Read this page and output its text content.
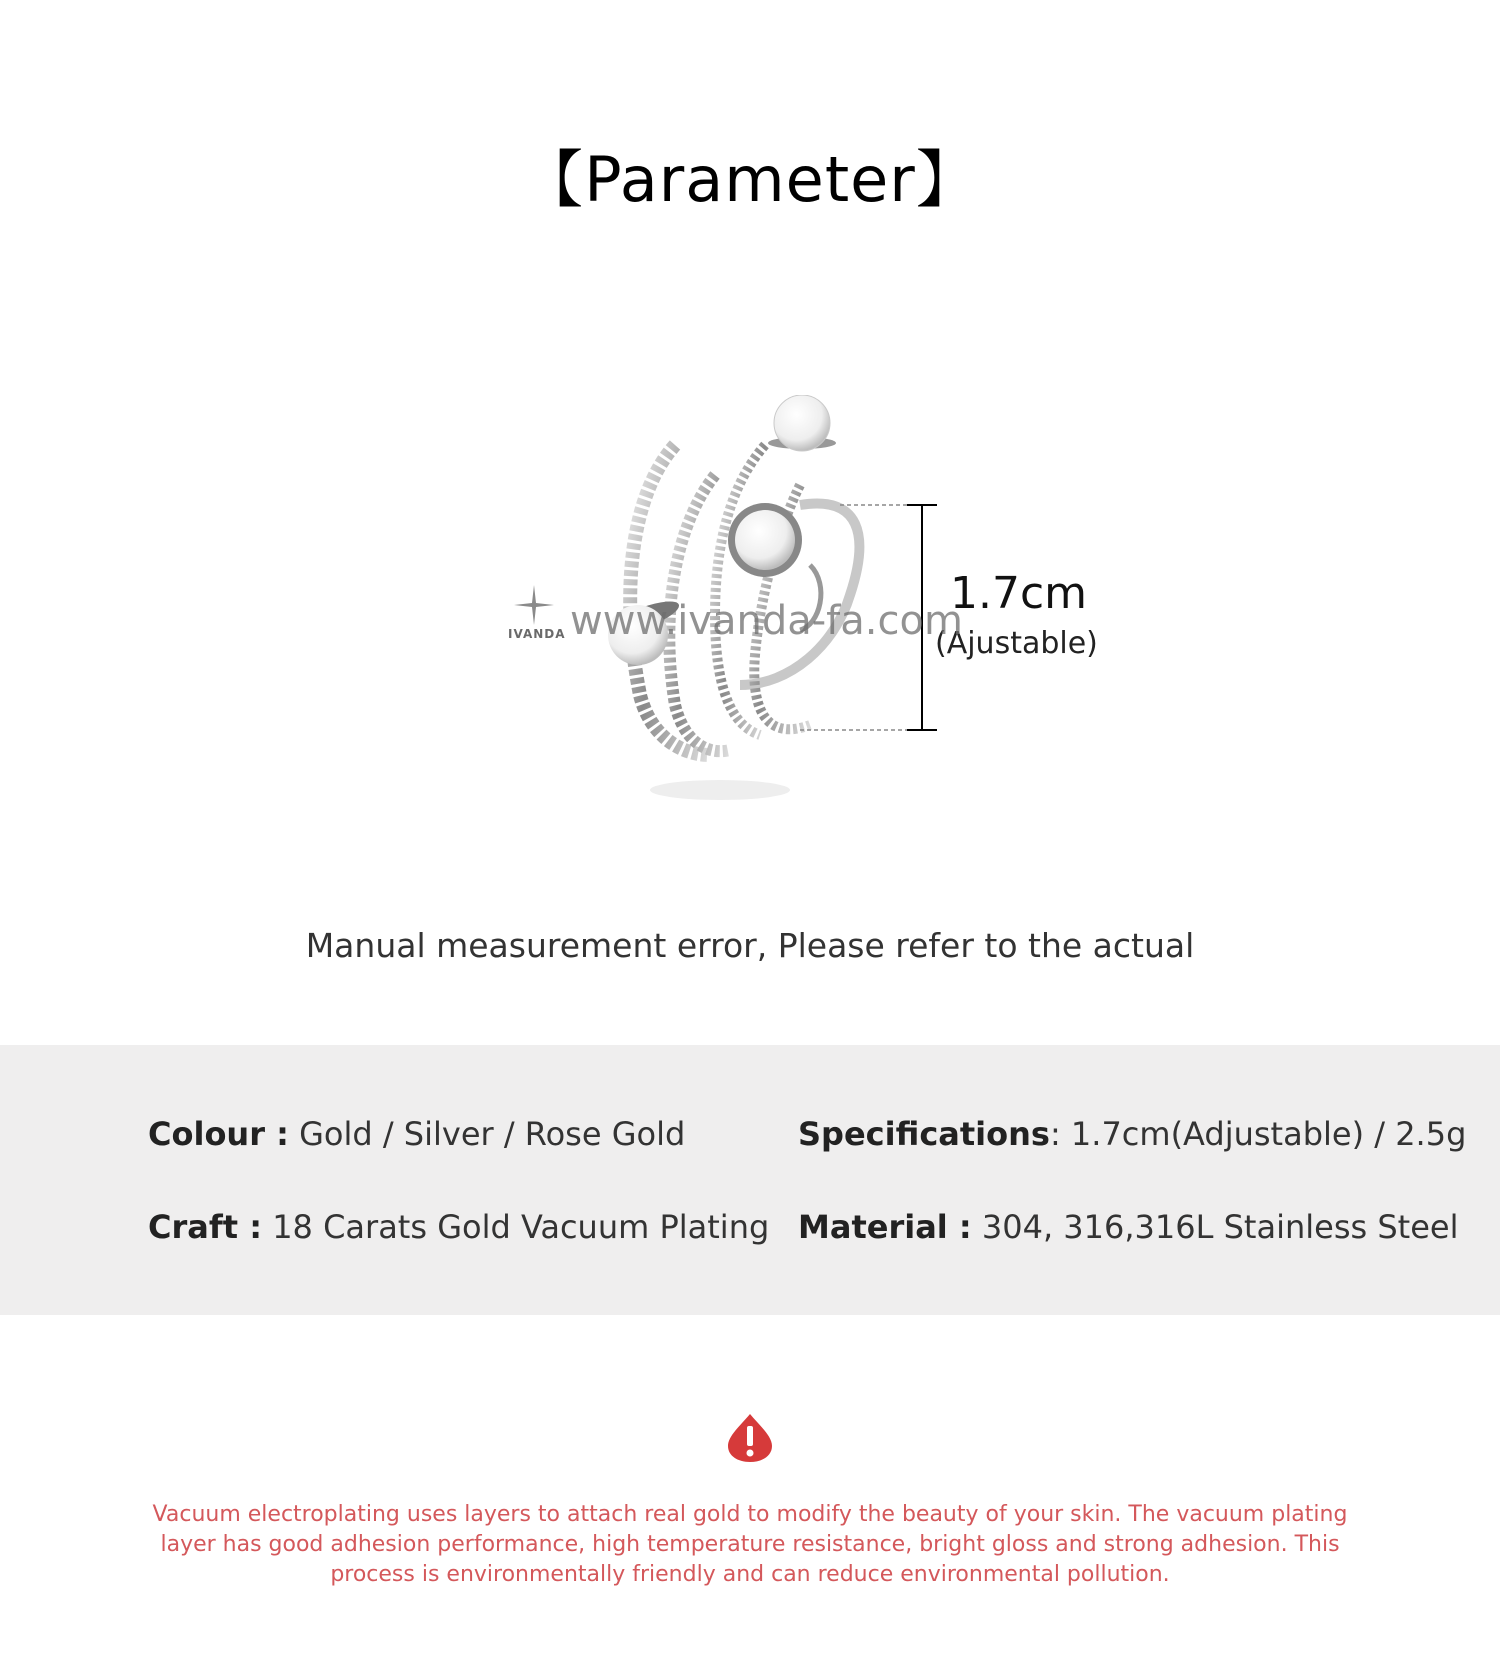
【Parameter】
1.7cm
(Ajustable)
IVANDA www.ivanda-fa.com
Manual measurement error, Please refer to the actual
Colour : Gold / Silver / Rose Gold	Specifications: 1.7cm(Adjustable) / 2.5g
Craft : 18 Carats Gold Vacuum Plating Material : 304, 316,316L Stainless Steel
Vacuum electroplating uses layers to attach real gold to modify the beauty of your skin. The vacuum plating layer has good adhesion performance, high temperature resistance, bright gloss and strong adhesion. This process is environmentally friendly and can reduce environmental pollution.
